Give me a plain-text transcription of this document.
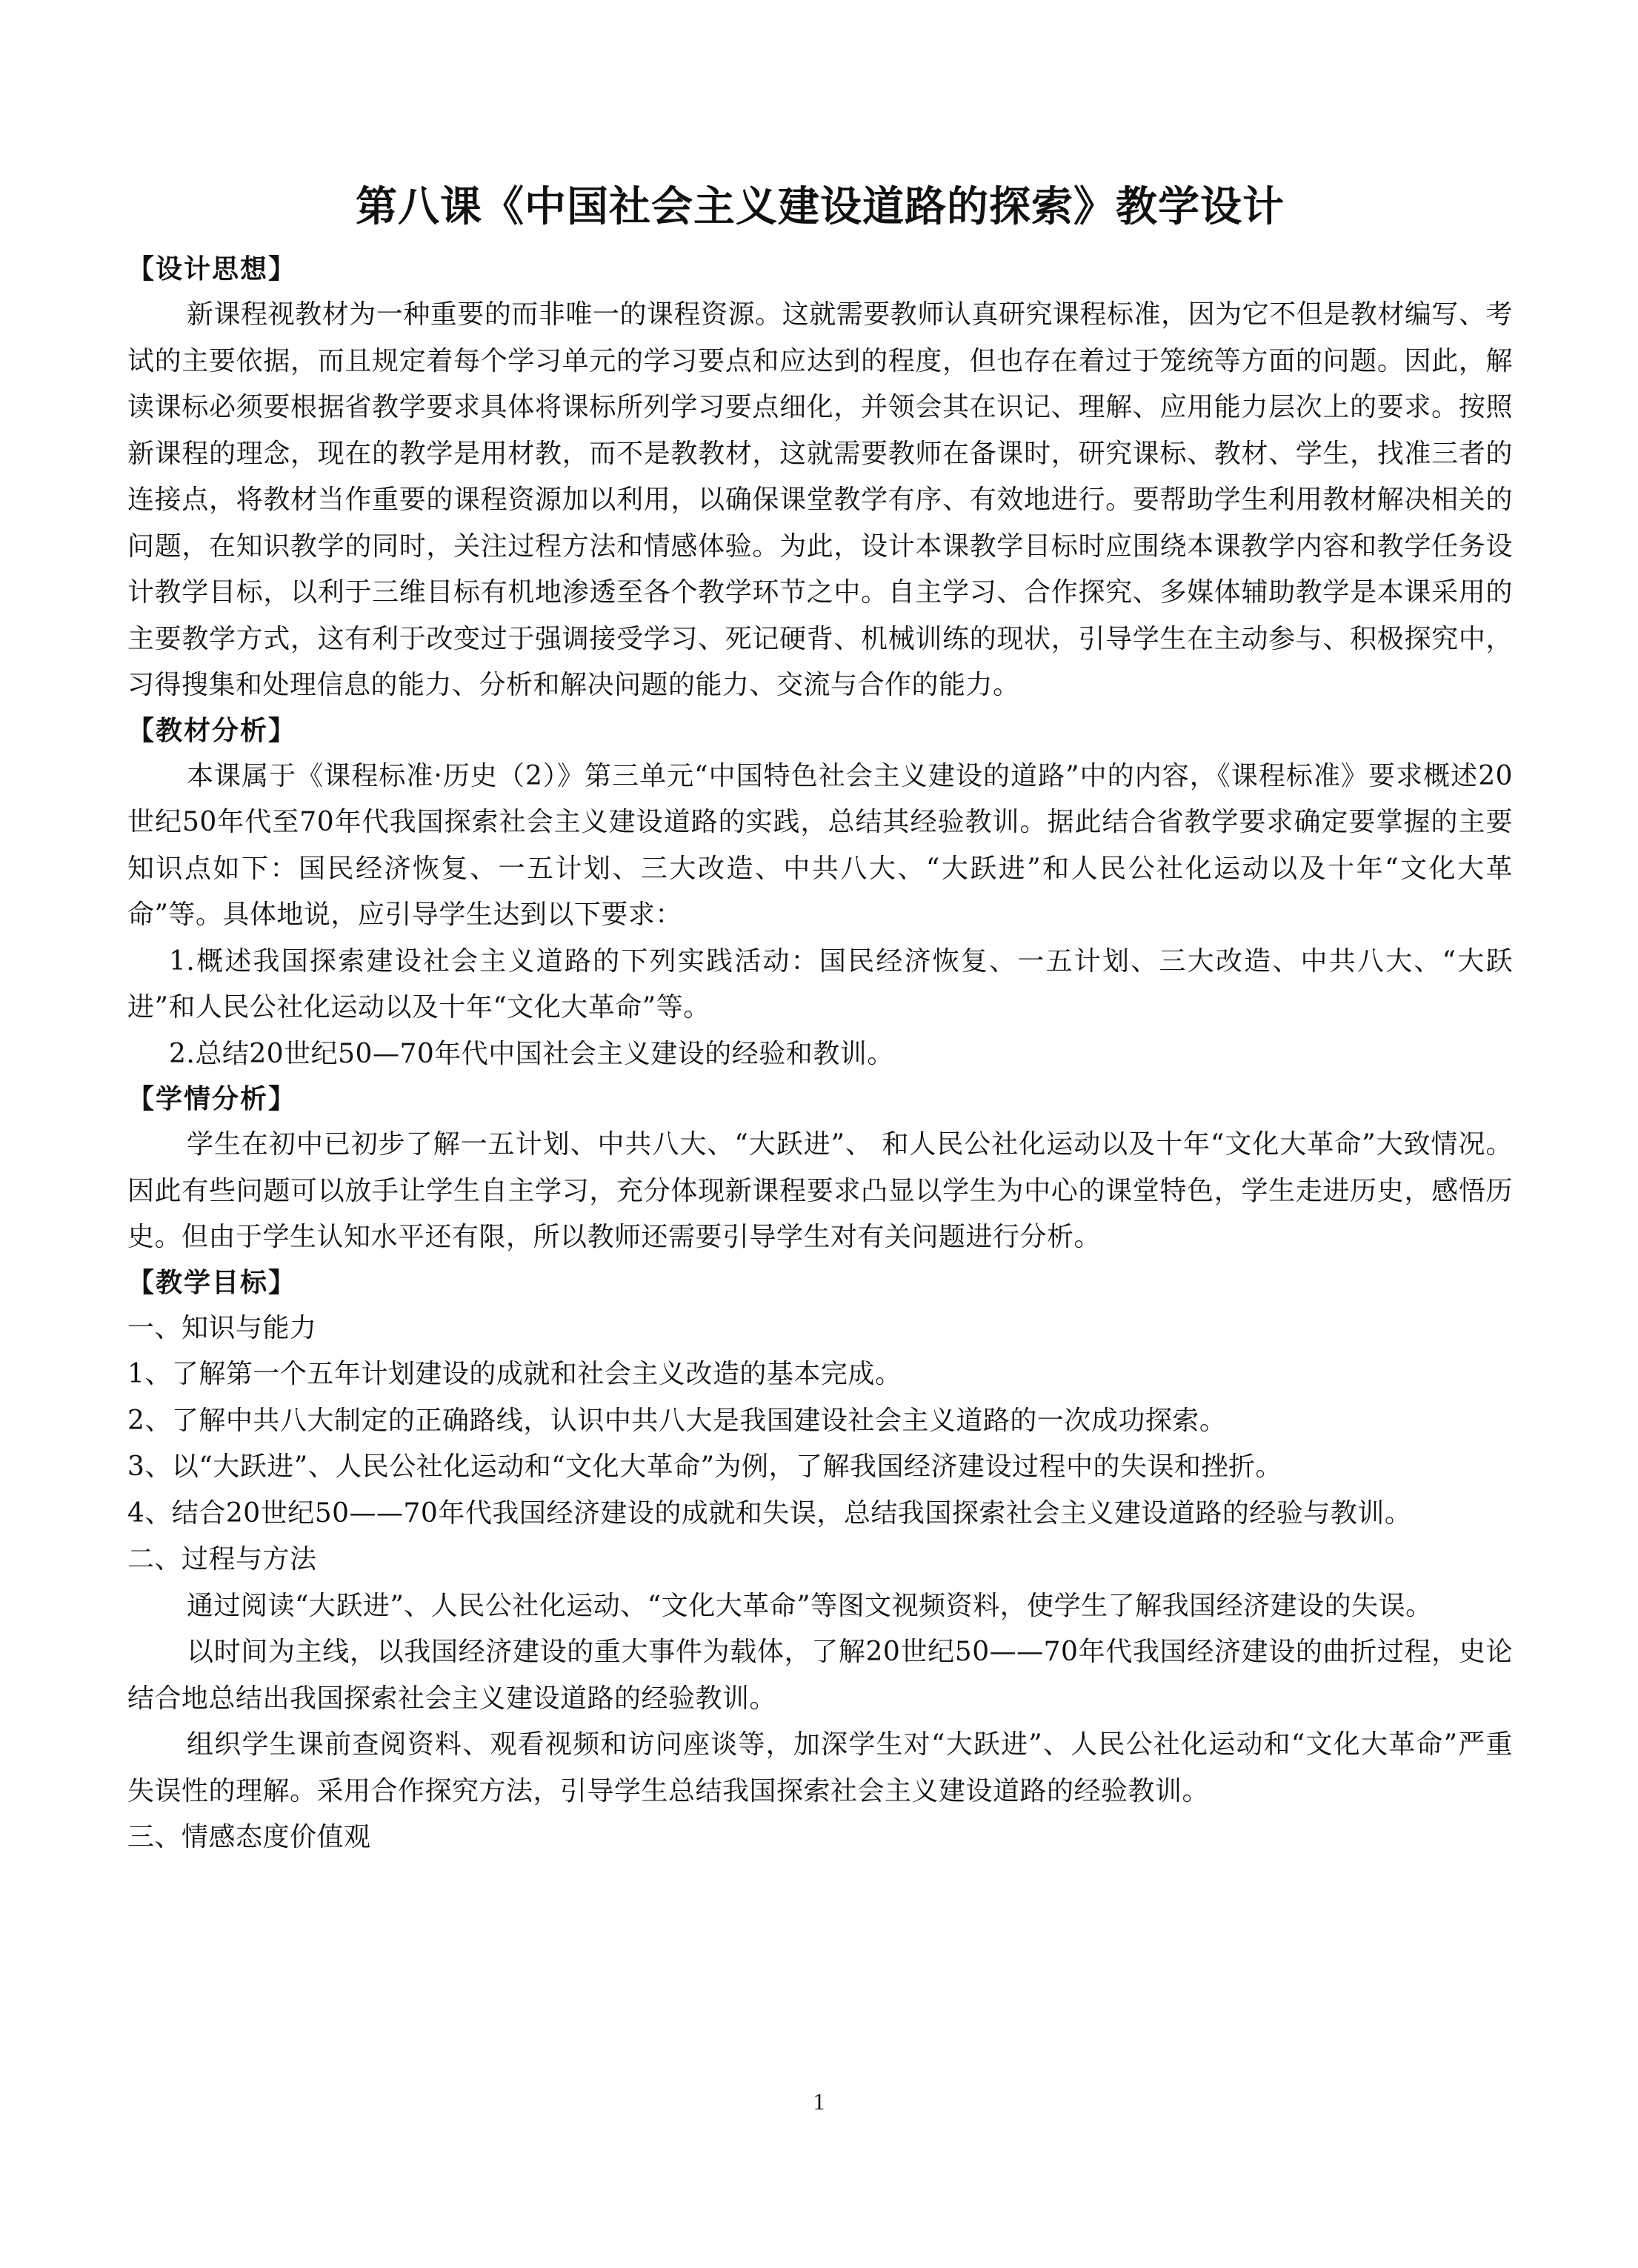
第八课《中国社会主义建设道路的探索》教学设计
【设计思想】

新课程视教材为一种重要的而非唯一的课程资源。这就需要教师认真研究课程标准，因为它不但是教材编写、考试的主要依据，而且规定着每个学习单元的学习要点和应达到的程度，但也存在着过于笼统等方面的问题。因此，解读课标必须要根据省教学要求具体将课标所列学习要点细化，并领会其在识记、理解、应用能力层次上的要求。按照新课程的理念，现在的教学是用材教，而不是教教材，这就需要教师在备课时，研究课标、教材、学生，找准三者的连接点，将教材当作重要的课程资源加以利用，以确保课堂教学有序、有效地进行。要帮助学生利用教材解决相关的问题，在知识教学的同时，关注过程方法和情感体验。为此，设计本课教学目标时应围绕本课教学内容和教学任务设计教学目标，以利于三维目标有机地渗透至各个教学环节之中。自主学习、合作探究、多媒体辅助教学是本课采用的主要教学方式，这有利于改变过于强调接受学习、死记硬背、机械训练的现状，引导学生在主动参与、积极探究中，习得搜集和处理信息的能力、分析和解决问题的能力、交流与合作的能力。

【教材分析】

本课属于《课程标准·历史（2）》第三单元“中国特色社会主义建设的道路”中的内容，《课程标准》要求概述20世纪50年代至70年代我国探索社会主义建设道路的实践，总结其经验教训。据此结合省教学要求确定要掌握的主要知识点如下：国民经济恢复、一五计划、三大改造、中共八大、“大跃进”和人民公社化运动以及十年“文化大革命”等。具体地说，应引导学生达到以下要求：

1.概述我国探索建设社会主义道路的下列实践活动：国民经济恢复、一五计划、三大改造、中共八大、“大跃进”和人民公社化运动以及十年“文化大革命”等。

2.总结20世纪50—70年代中国社会主义建设的经验和教训。

【学情分析】

学生在初中已初步了解一五计划、中共八大、“大跃进”、 和人民公社化运动以及十年“文化大革命”大致情况。因此有些问题可以放手让学生自主学习，充分体现新课程要求凸显以学生为中心的课堂特色，学生走进历史，感悟历史。但由于学生认知水平还有限，所以教师还需要引导学生对有关问题进行分析。

【教学目标】

一、知识与能力

1、了解第一个五年计划建设的成就和社会主义改造的基本完成。

2、了解中共八大制定的正确路线，认识中共八大是我国建设社会主义道路的一次成功探索。

3、以“大跃进”、人民公社化运动和“文化大革命”为例，了解我国经济建设过程中的失误和挫折。

4、结合20世纪50——70年代我国经济建设的成就和失误，总结我国探索社会主义建设道路的经验与教训。

二、过程与方法

通过阅读“大跃进”、人民公社化运动、“文化大革命”等图文视频资料，使学生了解我国经济建设的失误。

以时间为主线，以我国经济建设的重大事件为载体，了解20世纪50——70年代我国经济建设的曲折过程，史论结合地总结出我国探索社会主义建设道路的经验教训。

组织学生课前查阅资料、观看视频和访问座谈等，加深学生对“大跃进”、人民公社化运动和“文化大革命”严重失误性的理解。采用合作探究方法，引导学生总结我国探索社会主义建设道路的经验教训。

三、情感态度价值观

1
